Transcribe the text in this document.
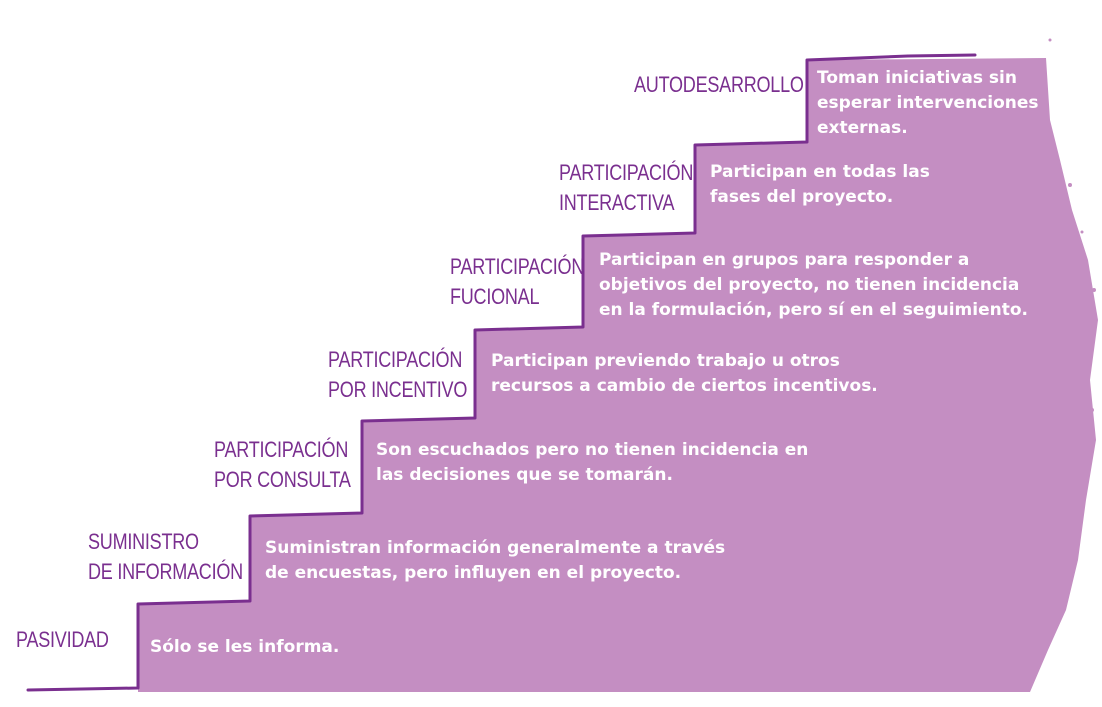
PASIVIDAD Sólo se les informa.
SUMINISTRO
DE INFORMACIÓN
Suministran información generalmente a través
de encuestas, pero influyen en el proyecto.
PARTICIPACIÓN
POR CONSULTA
Son escuchados pero no tienen incidencia en
las decisiones que se tomarán.
PARTICIPACIÓN
POR INCENTIVO
Participan previendo trabajo u otros
recursos a cambio de ciertos incentivos.
PARTICIPACIÓN
FUCIONAL
Participan en grupos para responder a
objetivos del proyecto, no tienen incidencia
en la formulación, pero sí en el seguimiento.
PARTICIPACIÓN
INTERACTIVA
Participan en todas las
fases del proyecto.
AUTODESARROLLO Toman iniciativas sin
esperar intervenciones
externas.
